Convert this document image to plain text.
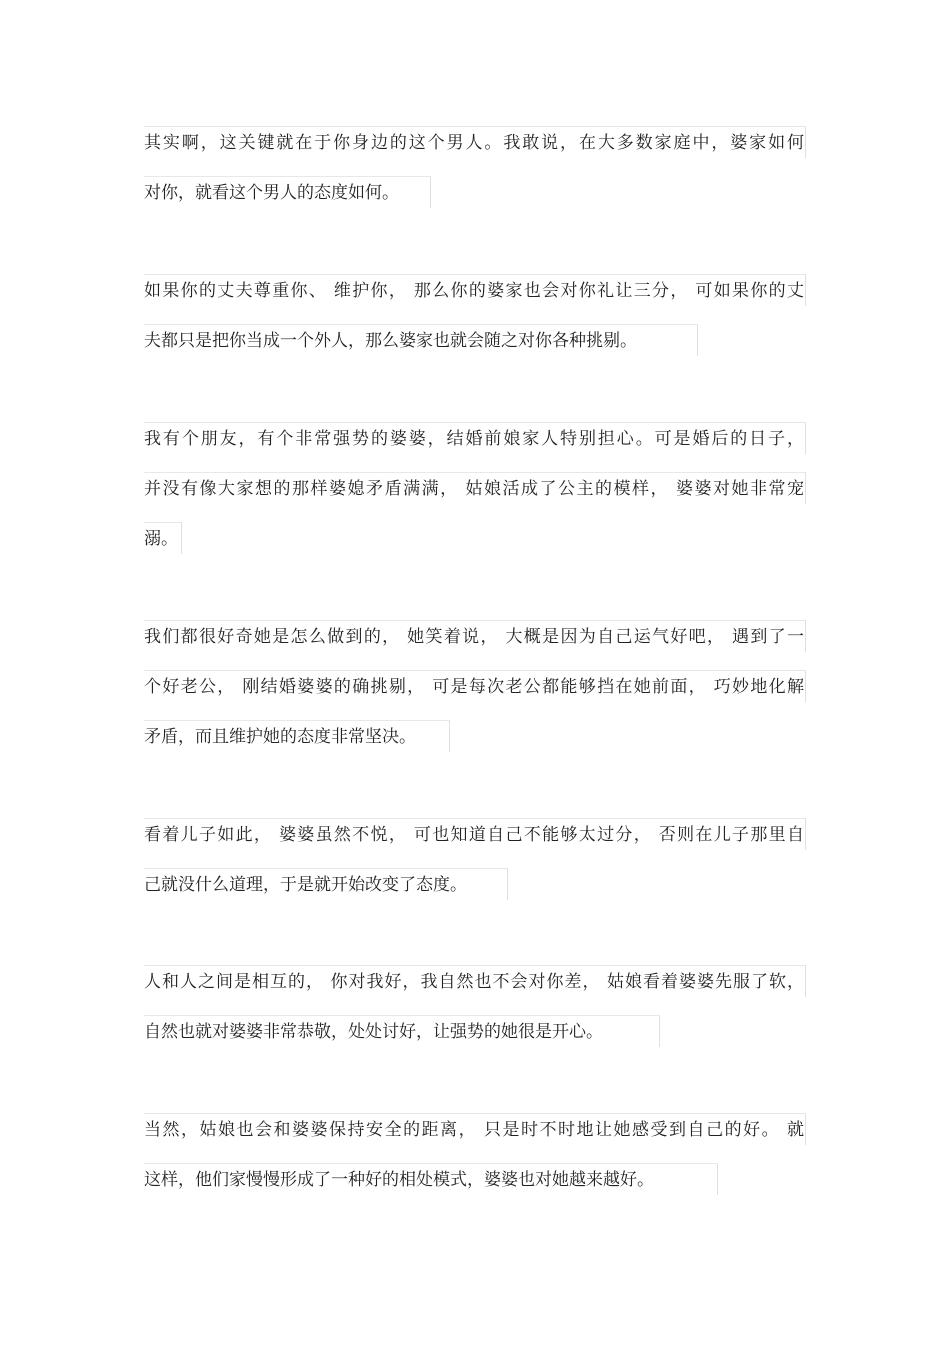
其实啊，这关键就在于你身边的这个男人。我敢说，在大多数家庭中，婆家如何
对你，就看这个男人的态度如何。
如果你的丈夫尊重你、 维护你， 那么你的婆家也会对你礼让三分， 可如果你的丈
夫都只是把你当成一个外人，那么婆家也就会随之对你各种挑剔。
我有个朋友，有个非常强势的婆婆，结婚前娘家人特别担心。可是婚后的日子，
并没有像大家想的那样婆媳矛盾满满， 姑娘活成了公主的模样， 婆婆对她非常宠
溺。
我们都很好奇她是怎么做到的， 她笑着说， 大概是因为自己运气好吧， 遇到了一
个好老公， 刚结婚婆婆的确挑剔， 可是每次老公都能够挡在她前面， 巧妙地化解
矛盾，而且维护她的态度非常坚决。
看着儿子如此， 婆婆虽然不悦， 可也知道自己不能够太过分， 否则在儿子那里自
己就没什么道理，于是就开始改变了态度。
人和人之间是相互的， 你对我好，我自然也不会对你差， 姑娘看着婆婆先服了软，
自然也就对婆婆非常恭敬，处处讨好，让强势的她很是开心。
当然，姑娘也会和婆婆保持安全的距离， 只是时不时地让她感受到自己的好。 就
这样，他们家慢慢形成了一种好的相处模式，婆婆也对她越来越好。
